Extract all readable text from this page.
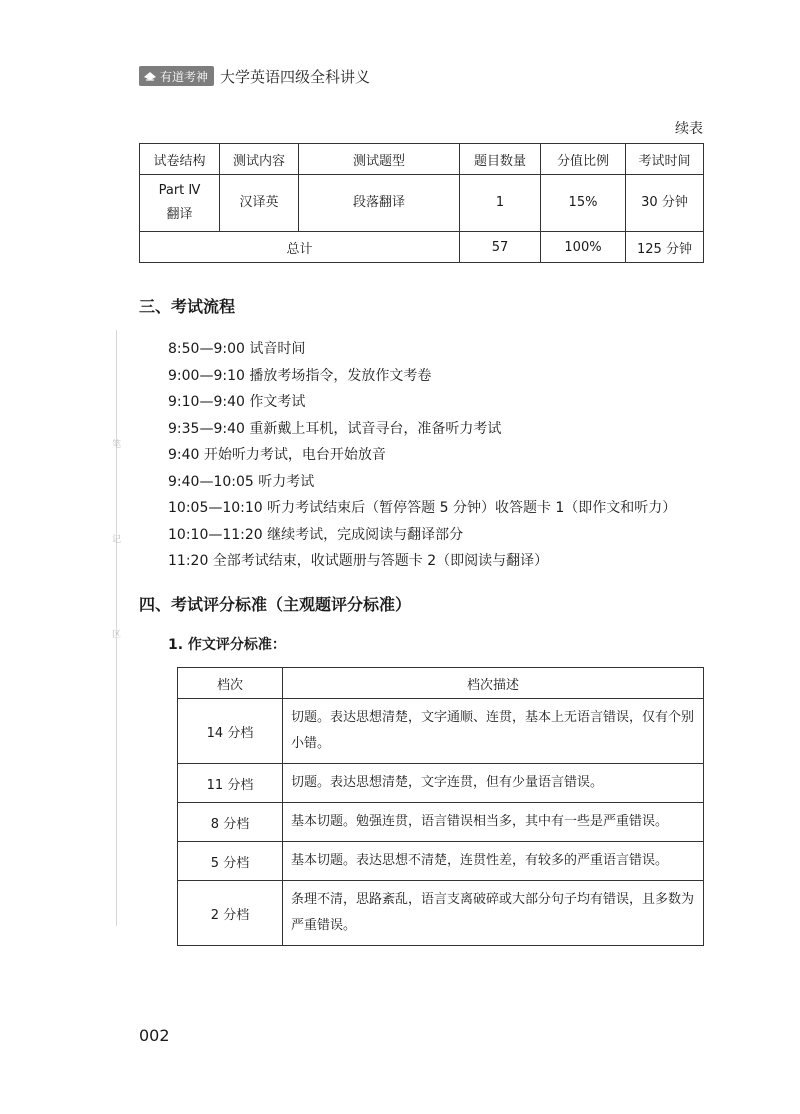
有道考神 大学英语四级全科讲义
笔
记
区
续表
试卷结构	测试内容	测试题型	题目数量	分值比例	考试时间
Part Ⅳ
翻译	汉译英	段落翻译	1	15%	30 分钟
总计			57	100%	125 分钟
三、考试流程
8:50—9:00 试音时间
9:00—9:10 播放考场指令，发放作文考卷
9:10—9:40 作文考试
9:35—9:40 重新戴上耳机，试音寻台，准备听力考试
9:40 开始听力考试，电台开始放音
9:40—10:05 听力考试
10:05—10:10 听力考试结束后（暂停答题 5 分钟）收答题卡 1（即作文和听力）
10:10—11:20 继续考试，完成阅读与翻译部分
11:20 全部考试结束，收试题册与答题卡 2（即阅读与翻译）
四、考试评分标准（主观题评分标准）
1. 作文评分标准：
档次	档次描述
14 分档	切题。表达思想清楚，文字通顺、连贯，基本上无语言错误，仅有个别小错。
11 分档	切题。表达思想清楚，文字连贯，但有少量语言错误。
8 分档	基本切题。勉强连贯，语言错误相当多，其中有一些是严重错误。
5 分档	基本切题。表达思想不清楚，连贯性差，有较多的严重语言错误。
2 分档	条理不清，思路紊乱，语言支离破碎或大部分句子均有错误，且多数为严重错误。
002
